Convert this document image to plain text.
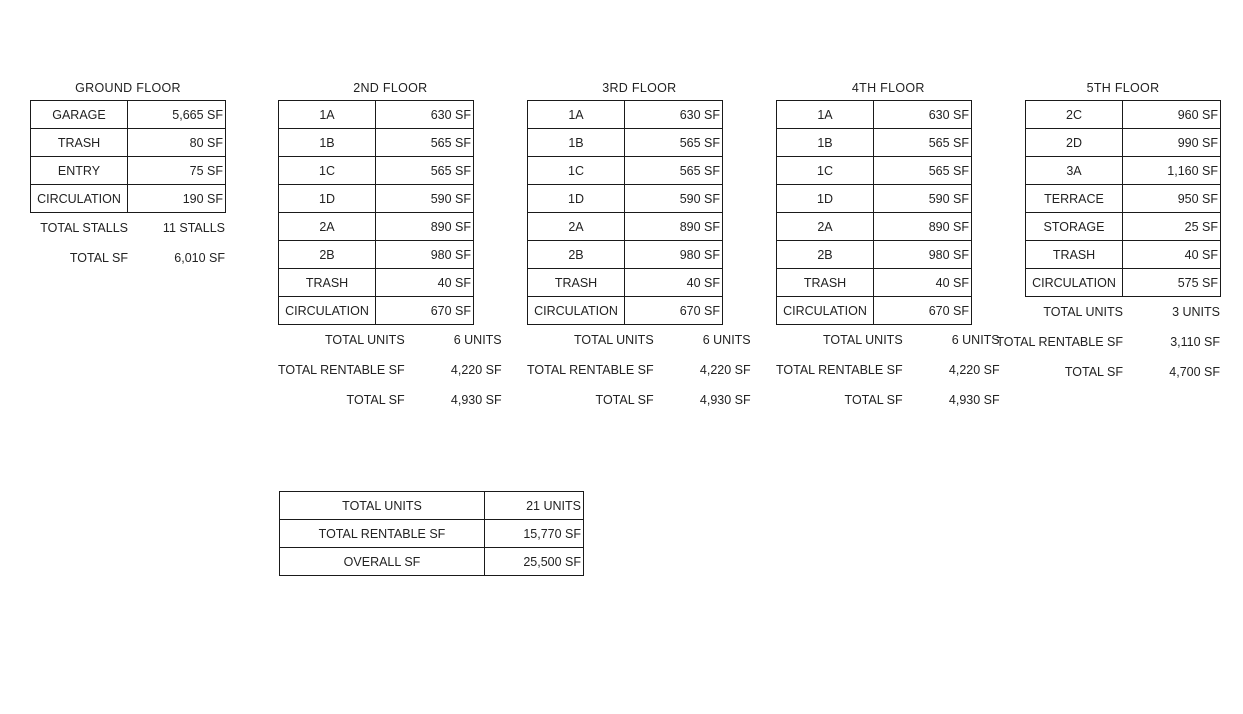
GROUND FLOOR
GARAGE	5,665 SF
TRASH	80 SF
ENTRY	75 SF
CIRCULATION	190 SF
TOTAL STALLS	11 STALLS
TOTAL SF	6,010 SF
2ND FLOOR
1A	630 SF
1B	565 SF
1C	565 SF
1D	590 SF
2A	890 SF
2B	980 SF
TRASH	40 SF
CIRCULATION	670 SF
TOTAL UNITS	6 UNITS
TOTAL RENTABLE SF	4,220 SF
TOTAL SF	4,930 SF
3RD FLOOR
1A	630 SF
1B	565 SF
1C	565 SF
1D	590 SF
2A	890 SF
2B	980 SF
TRASH	40 SF
CIRCULATION	670 SF
TOTAL UNITS	6 UNITS
TOTAL RENTABLE SF	4,220 SF
TOTAL SF	4,930 SF
4TH FLOOR
1A	630 SF
1B	565 SF
1C	565 SF
1D	590 SF
2A	890 SF
2B	980 SF
TRASH	40 SF
CIRCULATION	670 SF
TOTAL UNITS	6 UNITS
TOTAL RENTABLE SF	4,220 SF
TOTAL SF	4,930 SF
5TH FLOOR
2C	960 SF
2D	990 SF
3A	1,160 SF
TERRACE	950 SF
STORAGE	25 SF
TRASH	40 SF
CIRCULATION	575 SF
TOTAL UNITS	3 UNITS
TOTAL RENTABLE SF	3,110 SF
TOTAL SF	4,700 SF
TOTAL UNITS	21 UNITS
TOTAL RENTABLE SF	15,770 SF
OVERALL SF	25,500 SF
